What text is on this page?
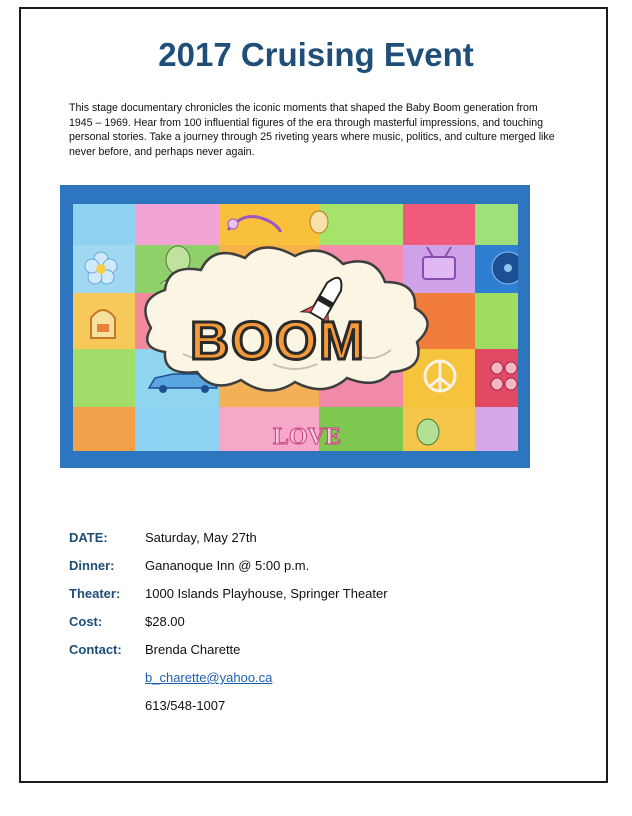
2017 Cruising Event

This stage documentary chronicles the iconic moments that shaped the Baby Boom generation from 1945 – 1969. Hear from 100 influential figures of the era through masterful impressions, and touching personal stories. Take a journey through 25 riveting years where music, politics, and culture merged like never before, and perhaps never again.

LOVE
BOOM
DATE:	Saturday, May 27th
Dinner: Gananoque Inn @ 5:00 p.m.
Theater: 1000 Islands Playhouse, Springer Theater
Cost:	$28.00
Contact: Brenda Charette
b_charette@yahoo.ca
613/548-1007
